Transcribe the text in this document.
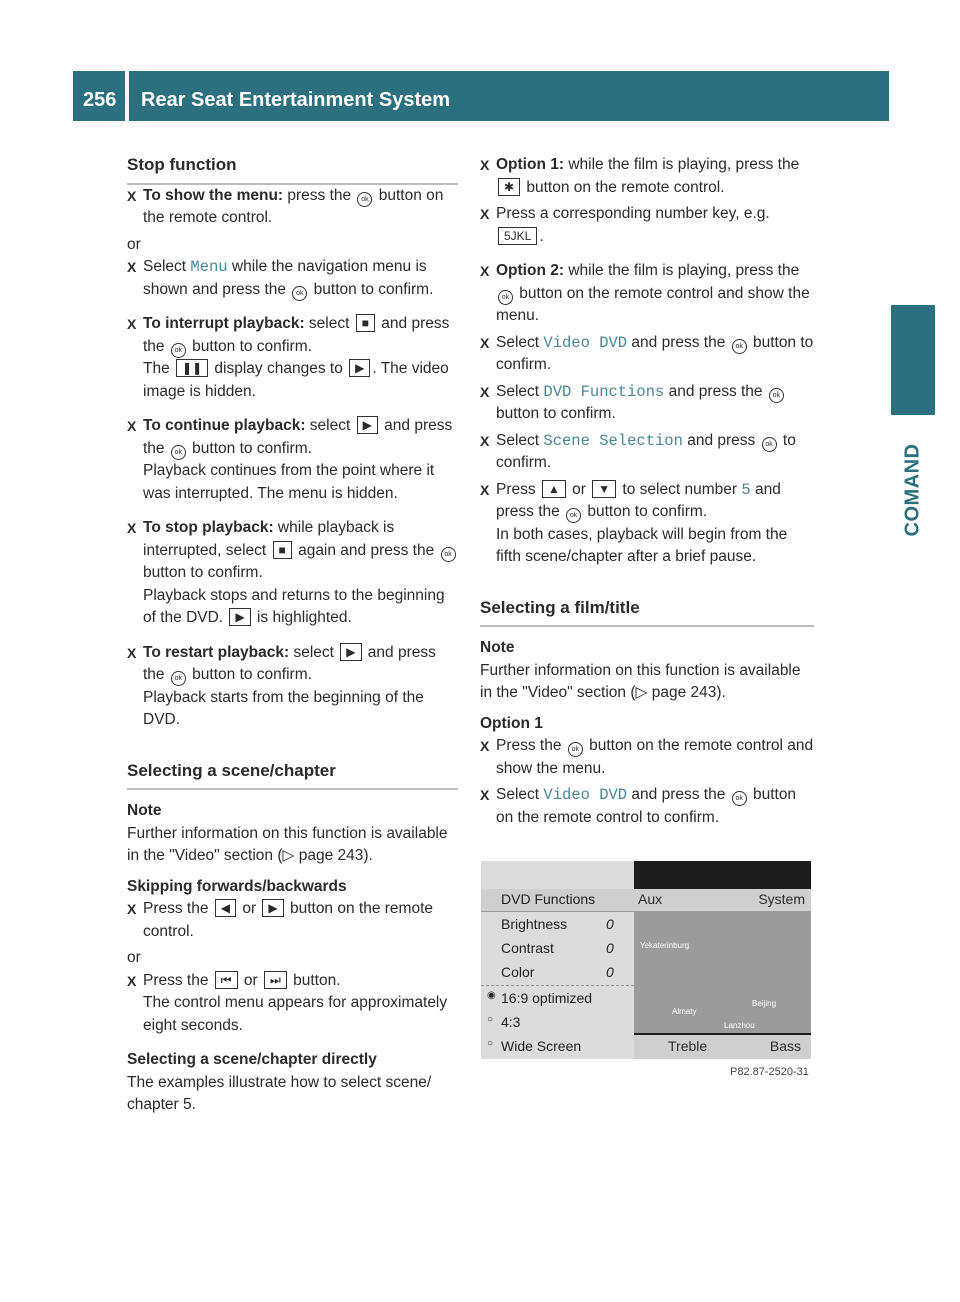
256 Rear Seat Entertainment System
COMAND

Stop function

X To show the menu: press the ok button on the remote control.

or

X Select Menu while the navigation menu is shown and press the ok button to confirm.
X To interrupt playback: select ■ and press the ok button to confirm.
The ❚❚ display changes to ▶ . The video image is hidden.
X To continue playback: select ▶ and press the ok button to confirm.
Playback continues from the point where it was interrupted. The menu is hidden.
X To stop playback: while playback is interrupted, select ■ again and press the ok button to confirm.
Playback stops and returns to the beginning of the DVD. ▶ is highlighted.
X To restart playback: select ▶ and press the ok button to confirm.
Playback starts from the beginning of the DVD.

Selecting a scene/chapter

Note

Further information on this function is available in the "Video" section (▷ page 243).

Skipping forwards/backwards

X Press the ◀ or ▶ button on the remote control.

or

X Press the ⏮ or ⏭ button.
The control menu appears for approximately eight seconds.

Selecting a scene/chapter directly

The examples illustrate how to select scene/ chapter 5.

X Option 1: while the film is playing, press the ✱ button on the remote control.
X Press a corresponding number key, e.g.
5JKL .
X Option 2: while the film is playing, press the ok button on the remote control and show the menu.
X Select Video DVD and press the ok button to confirm.
X Select DVD Functions and press the ok button to confirm.
X Select Scene Selection and press ok to confirm.
X Press ▲ or ▼ to select number 5 and press the ok button to confirm.
In both cases, playback will begin from the fifth scene/chapter after a brief pause.

Selecting a film/title

Note

Further information on this function is available in the "Video" section (▷ page 243).

Option 1

X Press the ok button on the remote control and show the menu.
X Select Video DVD and press the ok button on the remote control to confirm.
DVD Functions
Brightness	0
Contrast	0
Color	0
◉ 16:9 optimized
○ 4:3
○ Wide Screen
Aux	System
Yekaterinburg
Almaty
Beijing
Lanzhou
Treble	Bass
P82.87-2520-31
